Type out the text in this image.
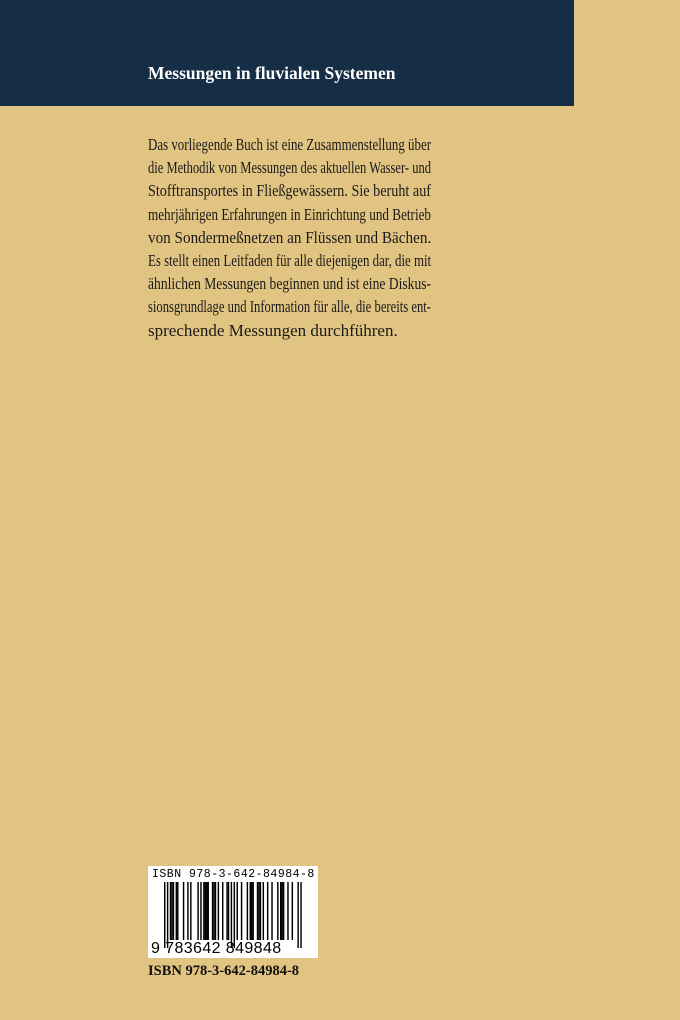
Messungen in fluvialen Systemen
Das vorliegende Buch ist eine Zusammenstellung über
die Methodik von Messungen des aktuellen Wasser- und
Stofftransportes in Fließgewässern. Sie beruht auf
mehrjährigen Erfahrungen in Einrichtung und Betrieb
von Sondermeßnetzen an Flüssen und Bächen.
Es stellt einen Leitfaden für alle diejenigen dar, die mit
ähnlichen Messungen beginnen und ist eine Diskus-
sionsgrundlage und Information für alle, die bereits ent-
sprechende Messungen durchführen.
ISBN 978-3-642-84984-8
9 783642 849848
ISBN 978-3-642-84984-8
